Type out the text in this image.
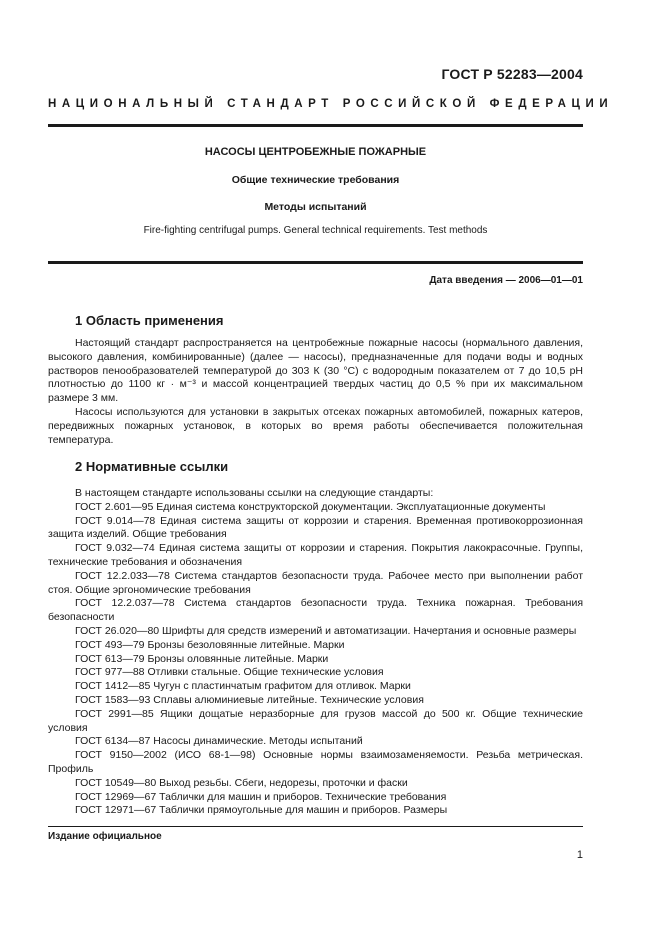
ГОСТ Р 52283—2004
НАЦИОНАЛЬНЫЙ СТАНДАРТ РОССИЙСКОЙ ФЕДЕРАЦИИ
НАСОСЫ ЦЕНТРОБЕЖНЫЕ ПОЖАРНЫЕ
Общие технические требования
Методы испытаний
Fire-fighting centrifugal pumps. General technical requirements. Test methods
Дата введения — 2006—01—01
1 Область применения

Настоящий стандарт распространяется на центробежные пожарные насосы (нормального давления, высокого давления, комбинированные) (далее — насосы), предназначенные для подачи воды и водных растворов пенообразователей температурой до 303 К (30 °С) с водородным показателем от 7 до 10,5 pH плотностью до 1100 кг · м⁻³ и массой концентрацией твердых частиц до 0,5 % при их максимальном размере 3 мм.

Насосы используются для установки в закрытых отсеках пожарных автомобилей, пожарных катеров, передвижных пожарных установок, в которых во время работы обеспечивается положительная температура.

2 Нормативные ссылки

В настоящем стандарте использованы ссылки на следующие стандарты:

ГОСТ 2.601—95 Единая система конструкторской документации. Эксплуатационные документы

ГОСТ 9.014—78 Единая система защиты от коррозии и старения. Временная противокоррозионная защита изделий. Общие требования

ГОСТ 9.032—74 Единая система защиты от коррозии и старения. Покрытия лакокрасочные. Группы, технические требования и обозначения

ГОСТ 12.2.033—78 Система стандартов безопасности труда. Рабочее место при выполнении работ стоя. Общие эргономические требования

ГОСТ 12.2.037—78 Система стандартов безопасности труда. Техника пожарная. Требования безопасности

ГОСТ 26.020—80 Шрифты для средств измерений и автоматизации. Начертания и основные размеры

ГОСТ 493—79 Бронзы безоловянные литейные. Марки

ГОСТ 613—79 Бронзы оловянные литейные. Марки

ГОСТ 977—88 Отливки стальные. Общие технические условия

ГОСТ 1412—85 Чугун с пластинчатым графитом для отливок. Марки

ГОСТ 1583—93 Сплавы алюминиевые литейные. Технические условия

ГОСТ 2991—85 Ящики дощатые неразборные для грузов массой до 500 кг. Общие технические условия

ГОСТ 6134—87 Насосы динамические. Методы испытаний

ГОСТ 9150—2002 (ИСО 68-1—98) Основные нормы взаимозаменяемости. Резьба метрическая. Профиль

ГОСТ 10549—80 Выход резьбы. Сбеги, недорезы, проточки и фаски

ГОСТ 12969—67 Таблички для машин и приборов. Технические требования

ГОСТ 12971—67 Таблички прямоугольные для машин и приборов. Размеры

Издание официальное
1
